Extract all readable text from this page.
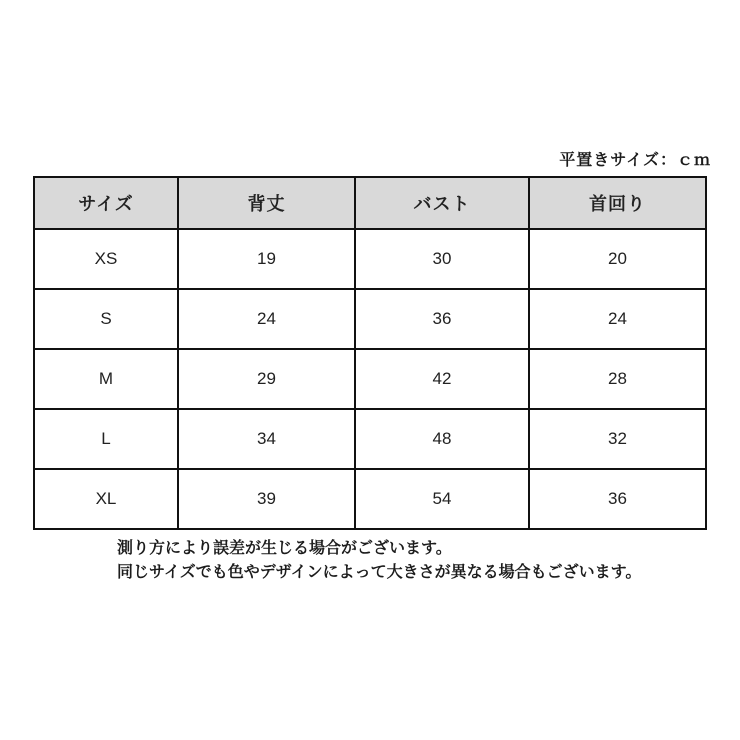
平置きサイズ：ｃｍ
サイズ	背丈	バスト	首回り
XS	19	30	20
S	24	36	24
M	29	42	28
L	34	48	32
XL	39	54	36
測り方により誤差が生じる場合がございます。
同じサイズでも色やデザインによって大きさが異なる場合もございます。
